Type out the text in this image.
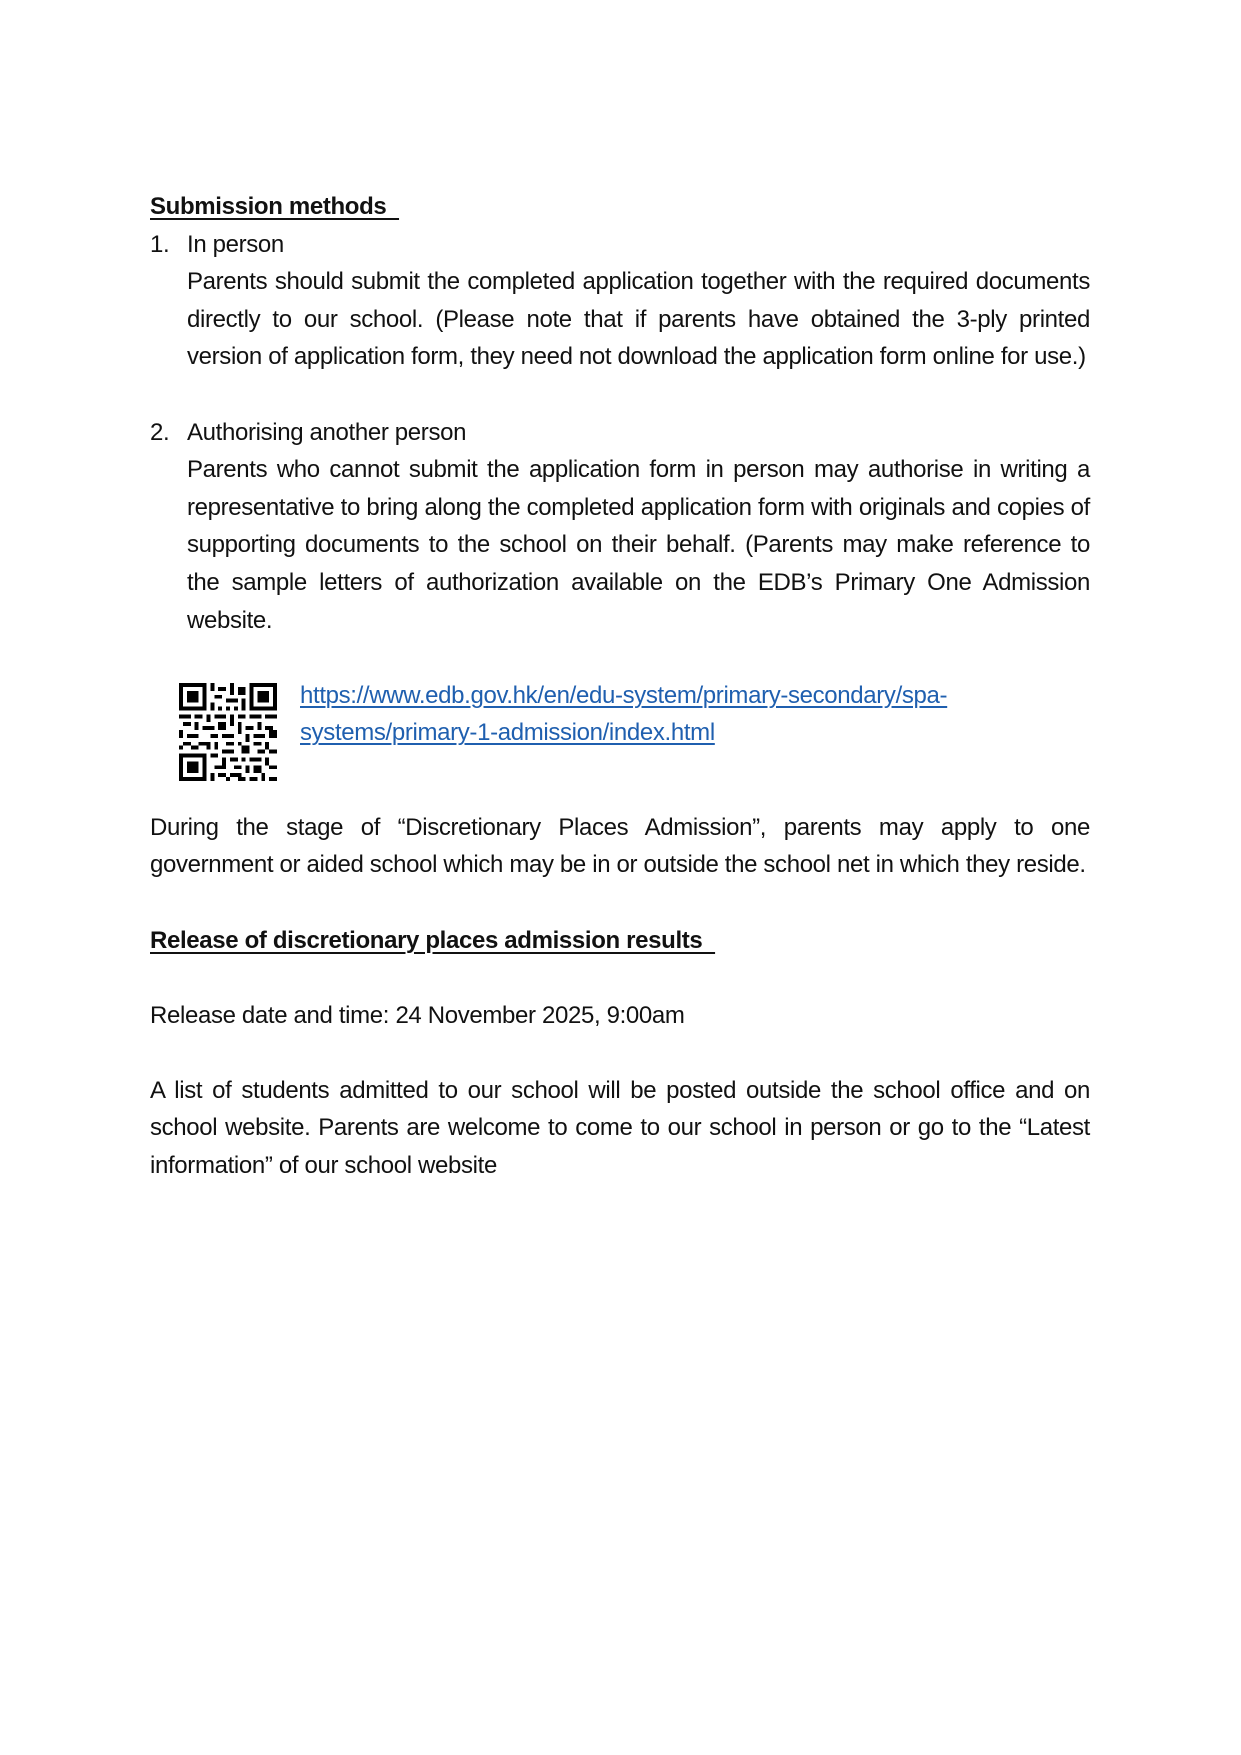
Submission methods

1. In person
Parents should submit the completed application together with the required documents directly to our school. (Please note that if parents have obtained the 3-ply printed version of application form, they need not download the application form online for use.)
2. Authorising another person
Parents who cannot submit the application form in person may authorise in writing a representative to bring along the completed application form with originals and copies of supporting documents to the school on their behalf. (Parents may make reference to the sample letters of authorization available on the EDB’s Primary One Admission website.
https://www.edb.gov.hk/en/edu-system/primary-secondary/spa-
systems/primary-1-admission/index.html

During the stage of “Discretionary Places Admission”, parents may apply to one government or aided school which may be in or outside the school net in which they reside.

Release of discretionary places admission results

Release date and time: 24 November 2025, 9:00am

A list of students admitted to our school will be posted outside the school office and on school website. Parents are welcome to come to our school in person or go to the “Latest information” of our school website
